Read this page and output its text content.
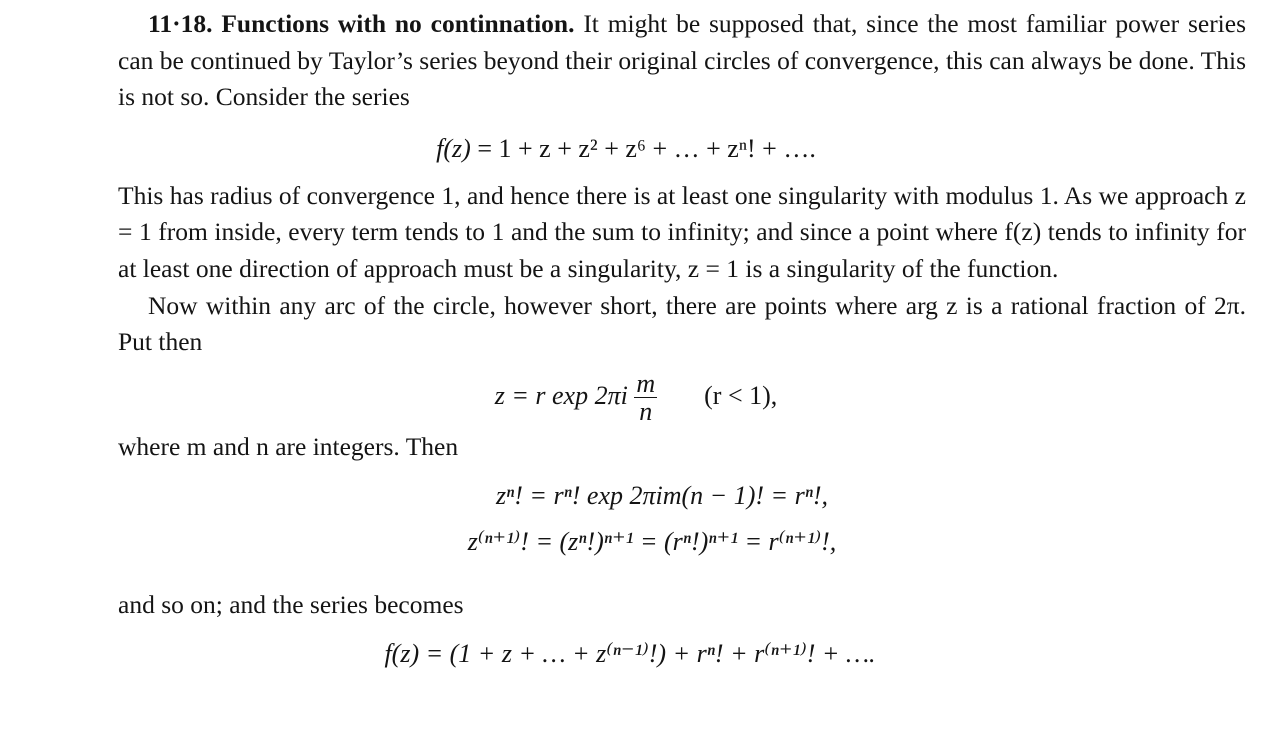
11·18. Functions with no continnation. It might be supposed that, since the most familiar power series can be continued by Taylor’s series beyond their original circles of convergence, this can always be done. This is not so. Consider the series

f(z) = 1 + z + z² + z⁶ + … + zⁿ! + ….

This has radius of convergence 1, and hence there is at least one singularity with modulus 1. As we approach z = 1 from inside, every term tends to 1 and the sum to infinity; and since a point where f(z) tends to infinity for at least one direction of approach must be a singularity, z = 1 is a singularity of the function.

Now within any arc of the circle, however short, there are points where arg z is a rational fraction of 2π. Put then

z = r $\exp 2\pi i \frac{m}{n} (r < 1)$,

where m and n are integers. Then

zⁿ! = rⁿ! exp 2πim(n − 1)! = rⁿ!,
z⁽ⁿ⁺¹⁾! = (zⁿ!)ⁿ⁺¹ = (rⁿ!)ⁿ⁺¹ = r⁽ⁿ⁺¹⁾!,

and so on; and the series becomes

f(z) = (1 + z + … + z⁽ⁿ⁻¹⁾!) + rⁿ! + r⁽ⁿ⁺¹⁾! + ….
